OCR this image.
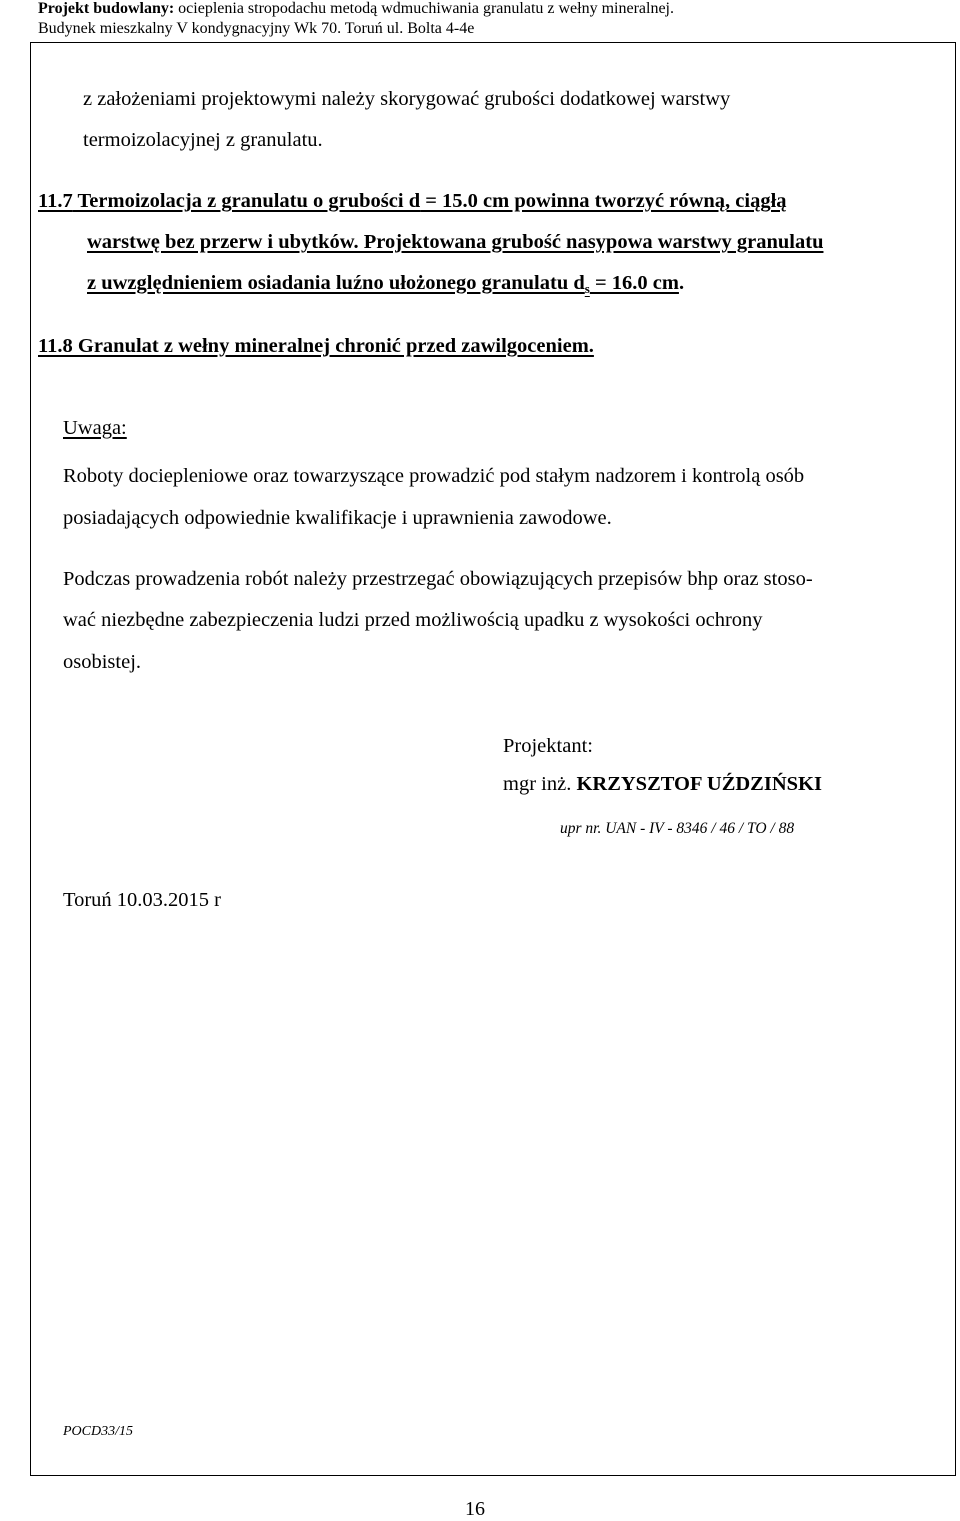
Projekt budowlany: ocieplenia stropodachu metodą wdmuchiwania granulatu z wełny mineralnej.
Budynek mieszkalny V kondygnacyjny Wk 70. Toruń ul. Bolta 4-4e
z założeniami projektowymi należy skorygować grubości dodatkowej warstwy
termoizolacyjnej z granulatu.
11.7 Termoizolacja z granulatu o grubości d = 15.0 cm powinna tworzyć równą, ciągłą
warstwę bez przerw i ubytków. Projektowana grubość nasypowa warstwy granulatu
z uwzględnieniem osiadania luźno ułożonego granulatu $d_s = 16.0$ cm.
11.8 Granulat z wełny mineralnej chronić przed zawilgoceniem.
Uwaga:
Roboty dociepleniowe oraz towarzyszące prowadzić pod stałym nadzorem i kontrolą osób
posiadających odpowiednie kwalifikacje i uprawnienia zawodowe.
Podczas prowadzenia robót należy przestrzegać obowiązujących przepisów bhp oraz stoso-
wać niezbędne zabezpieczenia ludzi przed możliwością upadku z wysokości ochrony
osobistej.
Projektant:
mgr inż. KRZYSZTOF UŹDZIŃSKI
upr nr. UAN - IV - 8346 / 46 / TO / 88
Toruń 10.03.2015 r
POCD33/15
16
